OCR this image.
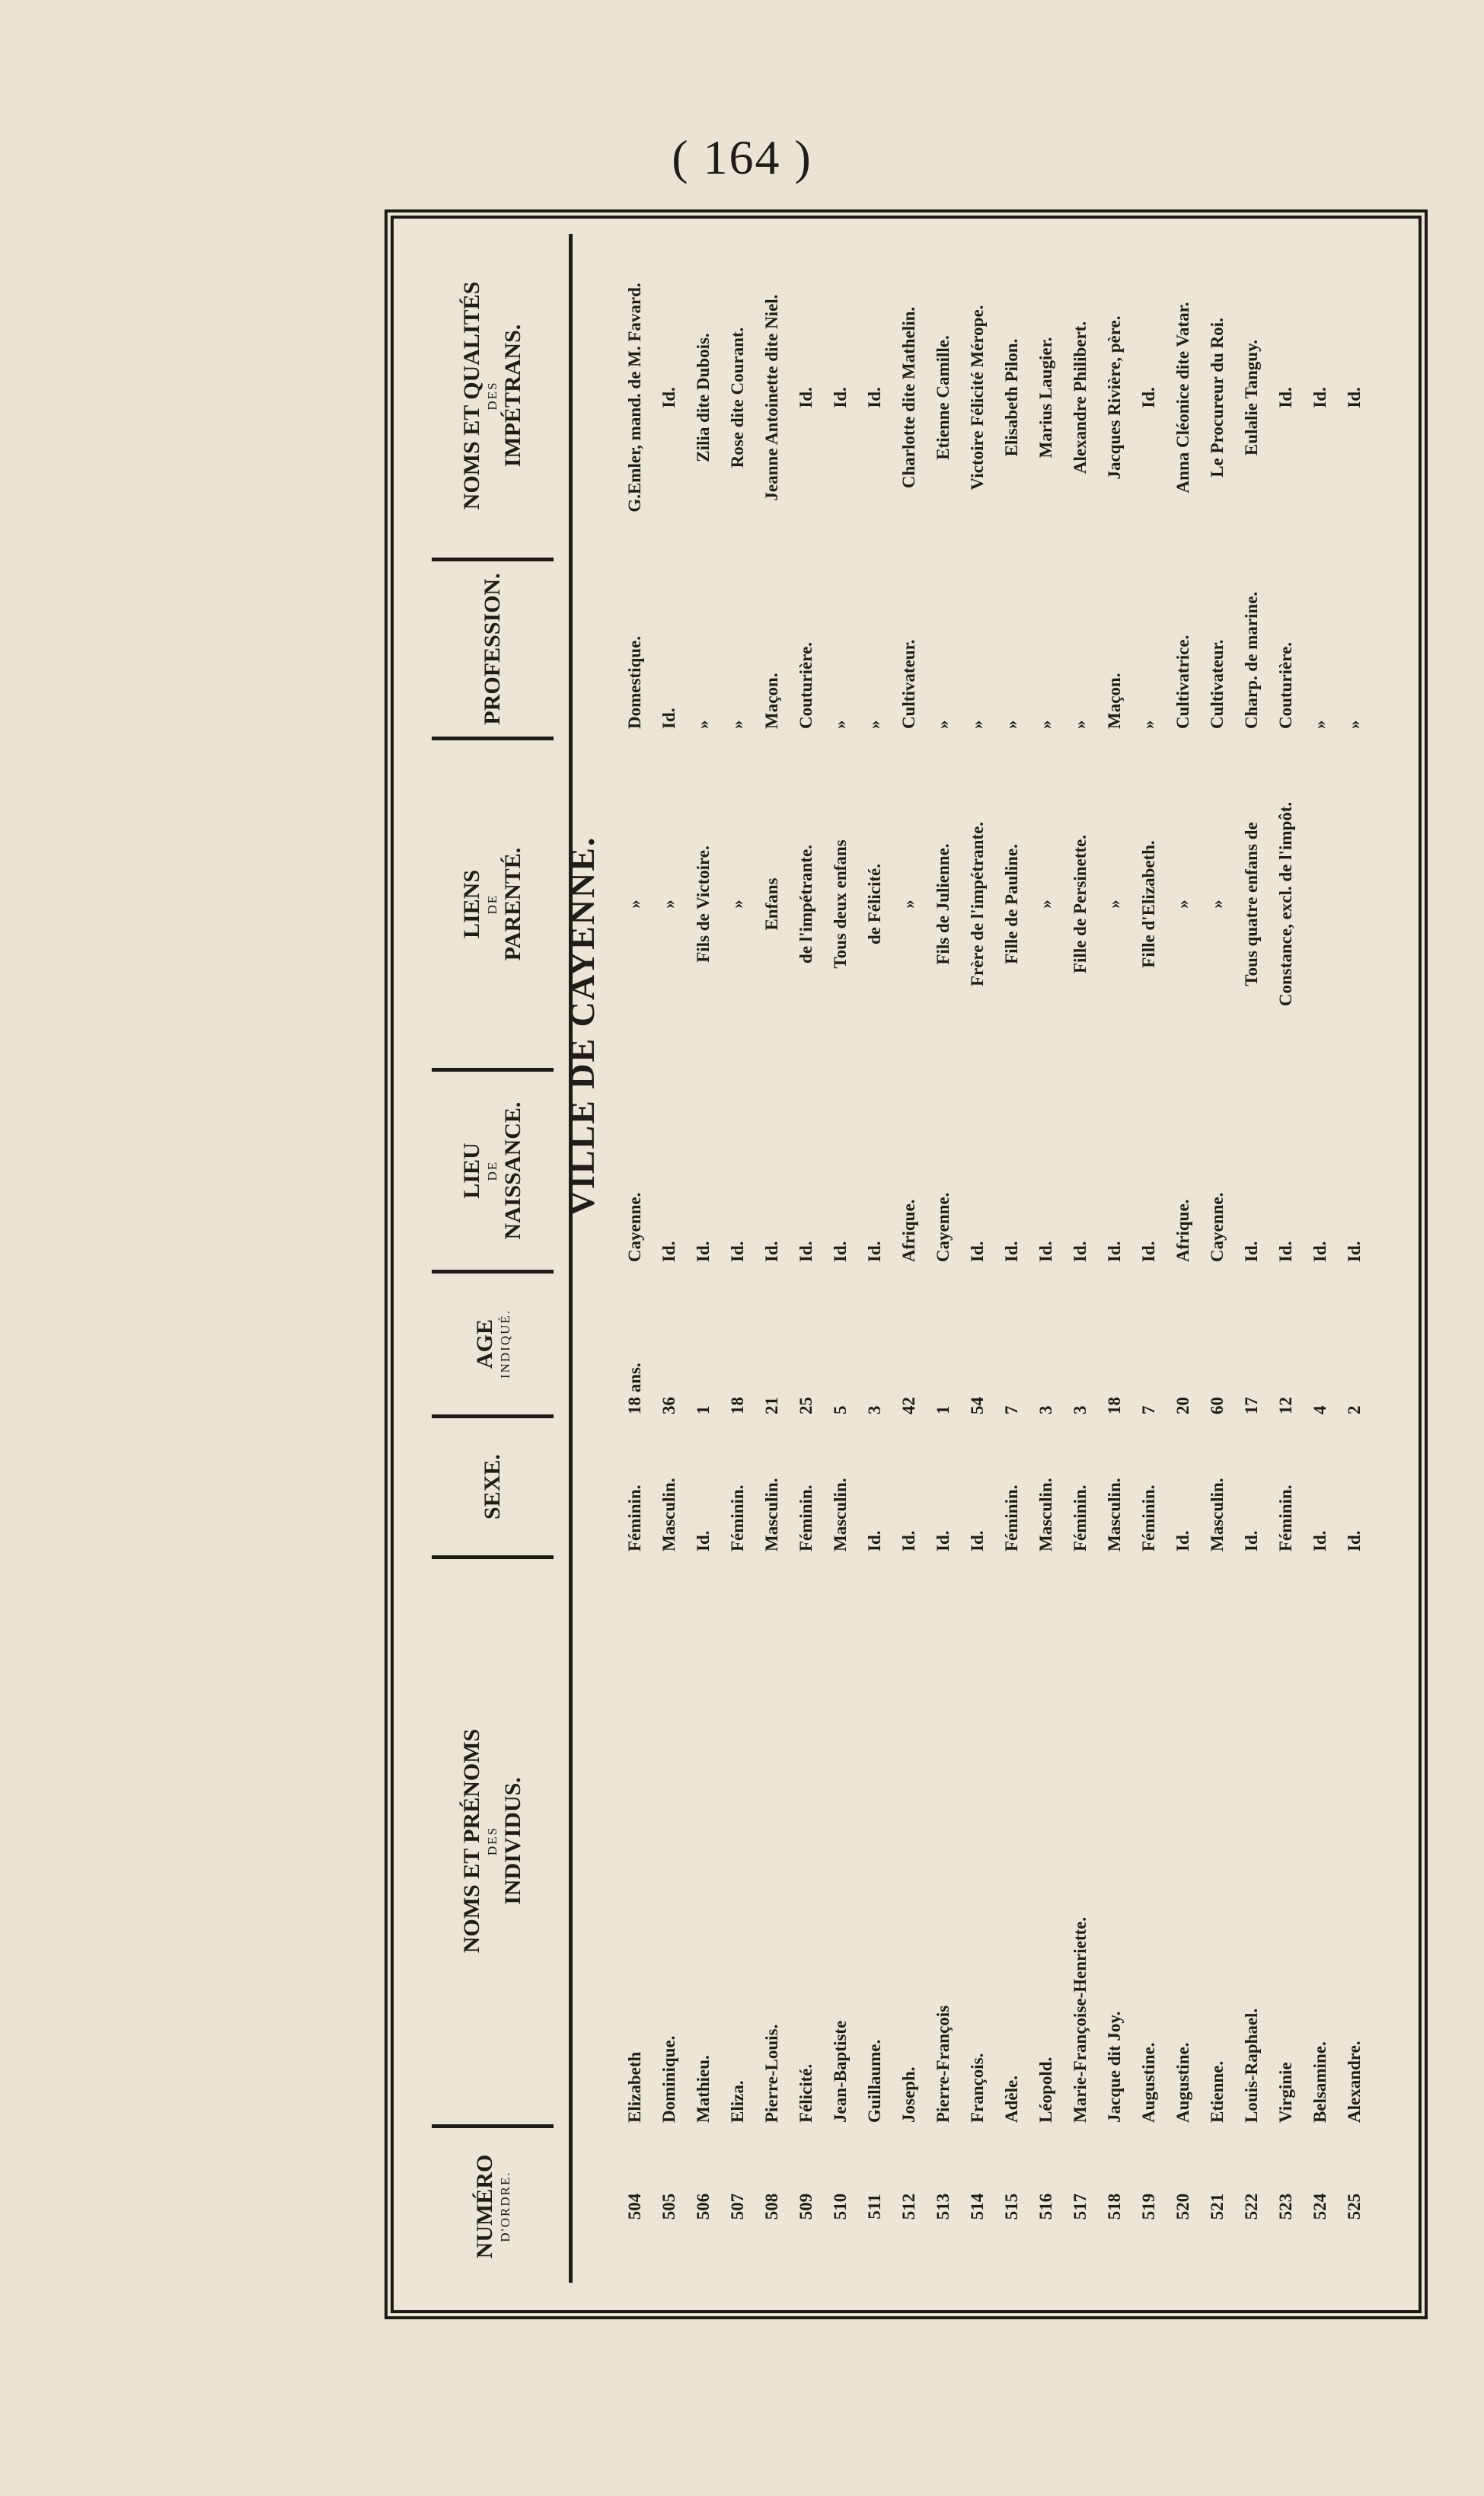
( 164 )
NUMÉRO D'ORDRE.
NOMS ET PRÉNOMS DES INDIVIDUS.
SEXE.
AGE INDIQUÉ.
LIEU DE NAISSANCE.
LIENS DE PARENTÉ.
PROFESSION.
NOMS ET QUALITÉS DES IMPÉTRANS.
VILLE DE CAYENNE.
504
Elizabeth
Féminin.
18 ans.
Cayenne.
»
Domestique.
G.Emler, mand. de M. Favard.
505
Dominique.
Masculin.
36
Id.
»
Id.
Id.
506
Mathieu.
Id.
1
Id.
Fils de Victoire.
»
Zilia dite Dubois.
507
Eliza.
Féminin.
18
Id.
»
»
Rose dite Courant.
508
Pierre-Louis.
Masculin.
21
Id.
Enfans
Maçon.
Jeanne Antoinette dite Niel.
509
Félicité.
Féminin.
25
Id.
de l'impétrante.
Couturière.
Id.
510
Jean-Baptiste
Masculin.
5
Id.
Tous deux enfans
»
Id.
511
Guillaume.
Id.
3
Id.
de Félicité.
»
Id.
512
Joseph.
Id.
42
Afrique.
»
Cultivateur.
Charlotte dite Mathelin.
513
Pierre-François
Id.
1
Cayenne.
Fils de Julienne.
»
Etienne Camille.
514
François.
Id.
54
Id.
Frère de l'impétrante.
»
Victoire Félicité Mérope.
515
Adèle.
Féminin.
7
Id.
Fille de Pauline.
»
Elisabeth Pilon.
516
Léopold.
Masculin.
3
Id.
»
»
Marius Laugier.
517
Marie-Françoise-Henriette.
Féminin.
3
Id.
Fille de Persinette.
»
Alexandre Philibert.
518
Jacque dit Joy.
Masculin.
18
Id.
»
Maçon.
Jacques Rivière, père.
519
Augustine.
Féminin.
7
Id.
Fille d'Elizabeth.
»
Id.
520
Augustine.
Id.
20
Afrique.
»
Cultivatrice.
Anna Cléonice dite Vatar.
521
Etienne.
Masculin.
60
Cayenne.
»
Cultivateur.
Le Procureur du Roi.
522
Louis-Raphael.
Id.
17
Id.
Tous quatre enfans de
Charp. de marine.
Eulalie Tanguy.
523
Virginie
Féminin.
12
Id.
Constance, excl. de l'impôt.
Couturière.
Id.
524
Belsamine.
Id.
4
Id.
»
Id.
525
Alexandre.
Id.
2
Id.
»
Id.
